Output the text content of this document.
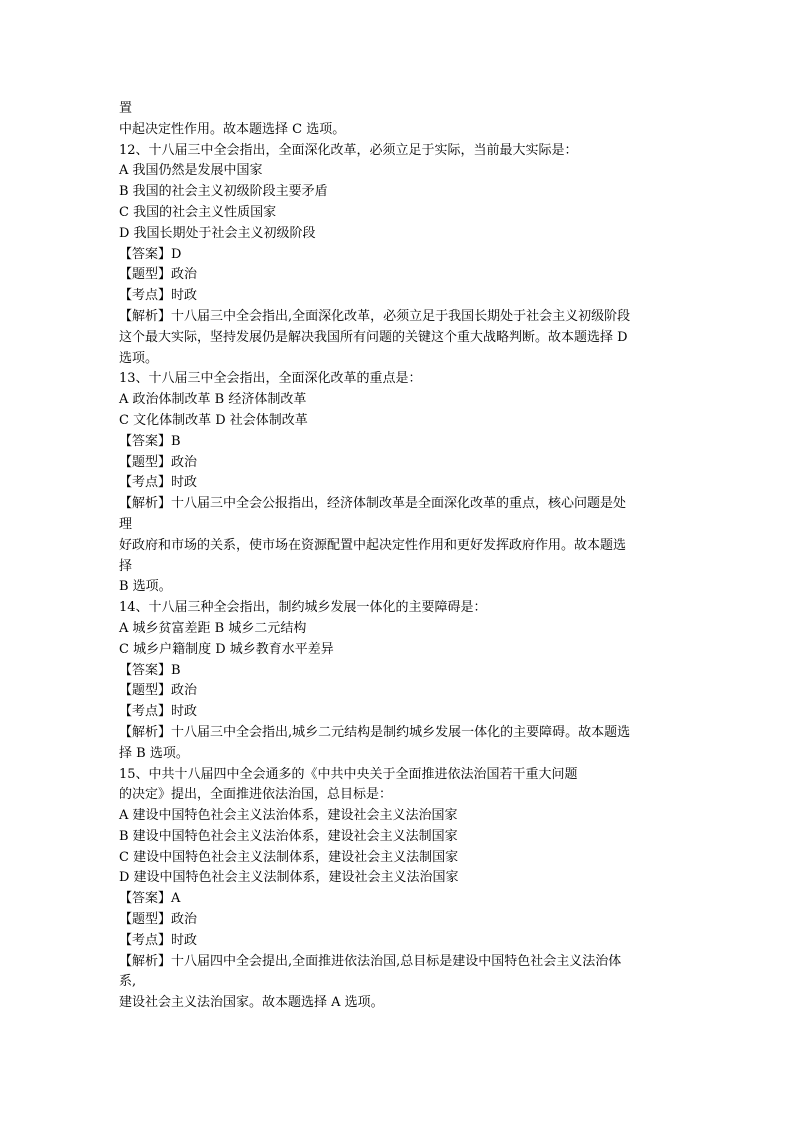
置
中起决定性作用。故本题选择 C 选项。
12、十八届三中全会指出，全面深化改革，必须立足于实际，当前最大实际是：
A 我国仍然是发展中国家
B 我国的社会主义初级阶段主要矛盾
C 我国的社会主义性质国家
D 我国长期处于社会主义初级阶段
【答案】D
【题型】政治
【考点】时政
【解析】十八届三中全会指出,全面深化改革，必须立足于我国长期处于社会主义初级阶段
这个最大实际，坚持发展仍是解决我国所有问题的关键这个重大战略判断。故本题选择 D
选项。
13、十八届三中全会指出，全面深化改革的重点是：
A 政治体制改革 B 经济体制改革
C 文化体制改革 D 社会体制改革
【答案】B
【题型】政治
【考点】时政
【解析】十八届三中全会公报指出，经济体制改革是全面深化改革的重点，核心问题是处
理
好政府和市场的关系，使市场在资源配置中起决定性作用和更好发挥政府作用。故本题选
择
B 选项。
14、十八届三种全会指出，制约城乡发展一体化的主要障碍是：
A 城乡贫富差距 B 城乡二元结构
C 城乡户籍制度 D 城乡教育水平差异
【答案】B
【题型】政治
【考点】时政
【解析】十八届三中全会指出,城乡二元结构是制约城乡发展一体化的主要障碍。故本题选
择 B 选项。
15、中共十八届四中全会通多的《中共中央关于全面推进依法治国若干重大问题
的决定》提出，全面推进依法治国，总目标是：
A 建设中国特色社会主义法治体系，建设社会主义法治国家
B 建设中国特色社会主义法治体系，建设社会主义法制国家
C 建设中国特色社会主义法制体系，建设社会主义法制国家
D 建设中国特色社会主义法制体系，建设社会主义法治国家
【答案】A
【题型】政治
【考点】时政
【解析】十八届四中全会提出,全面推进依法治国,总目标是建设中国特色社会主义法治体
系,
建设社会主义法治国家。故本题选择 A 选项。
